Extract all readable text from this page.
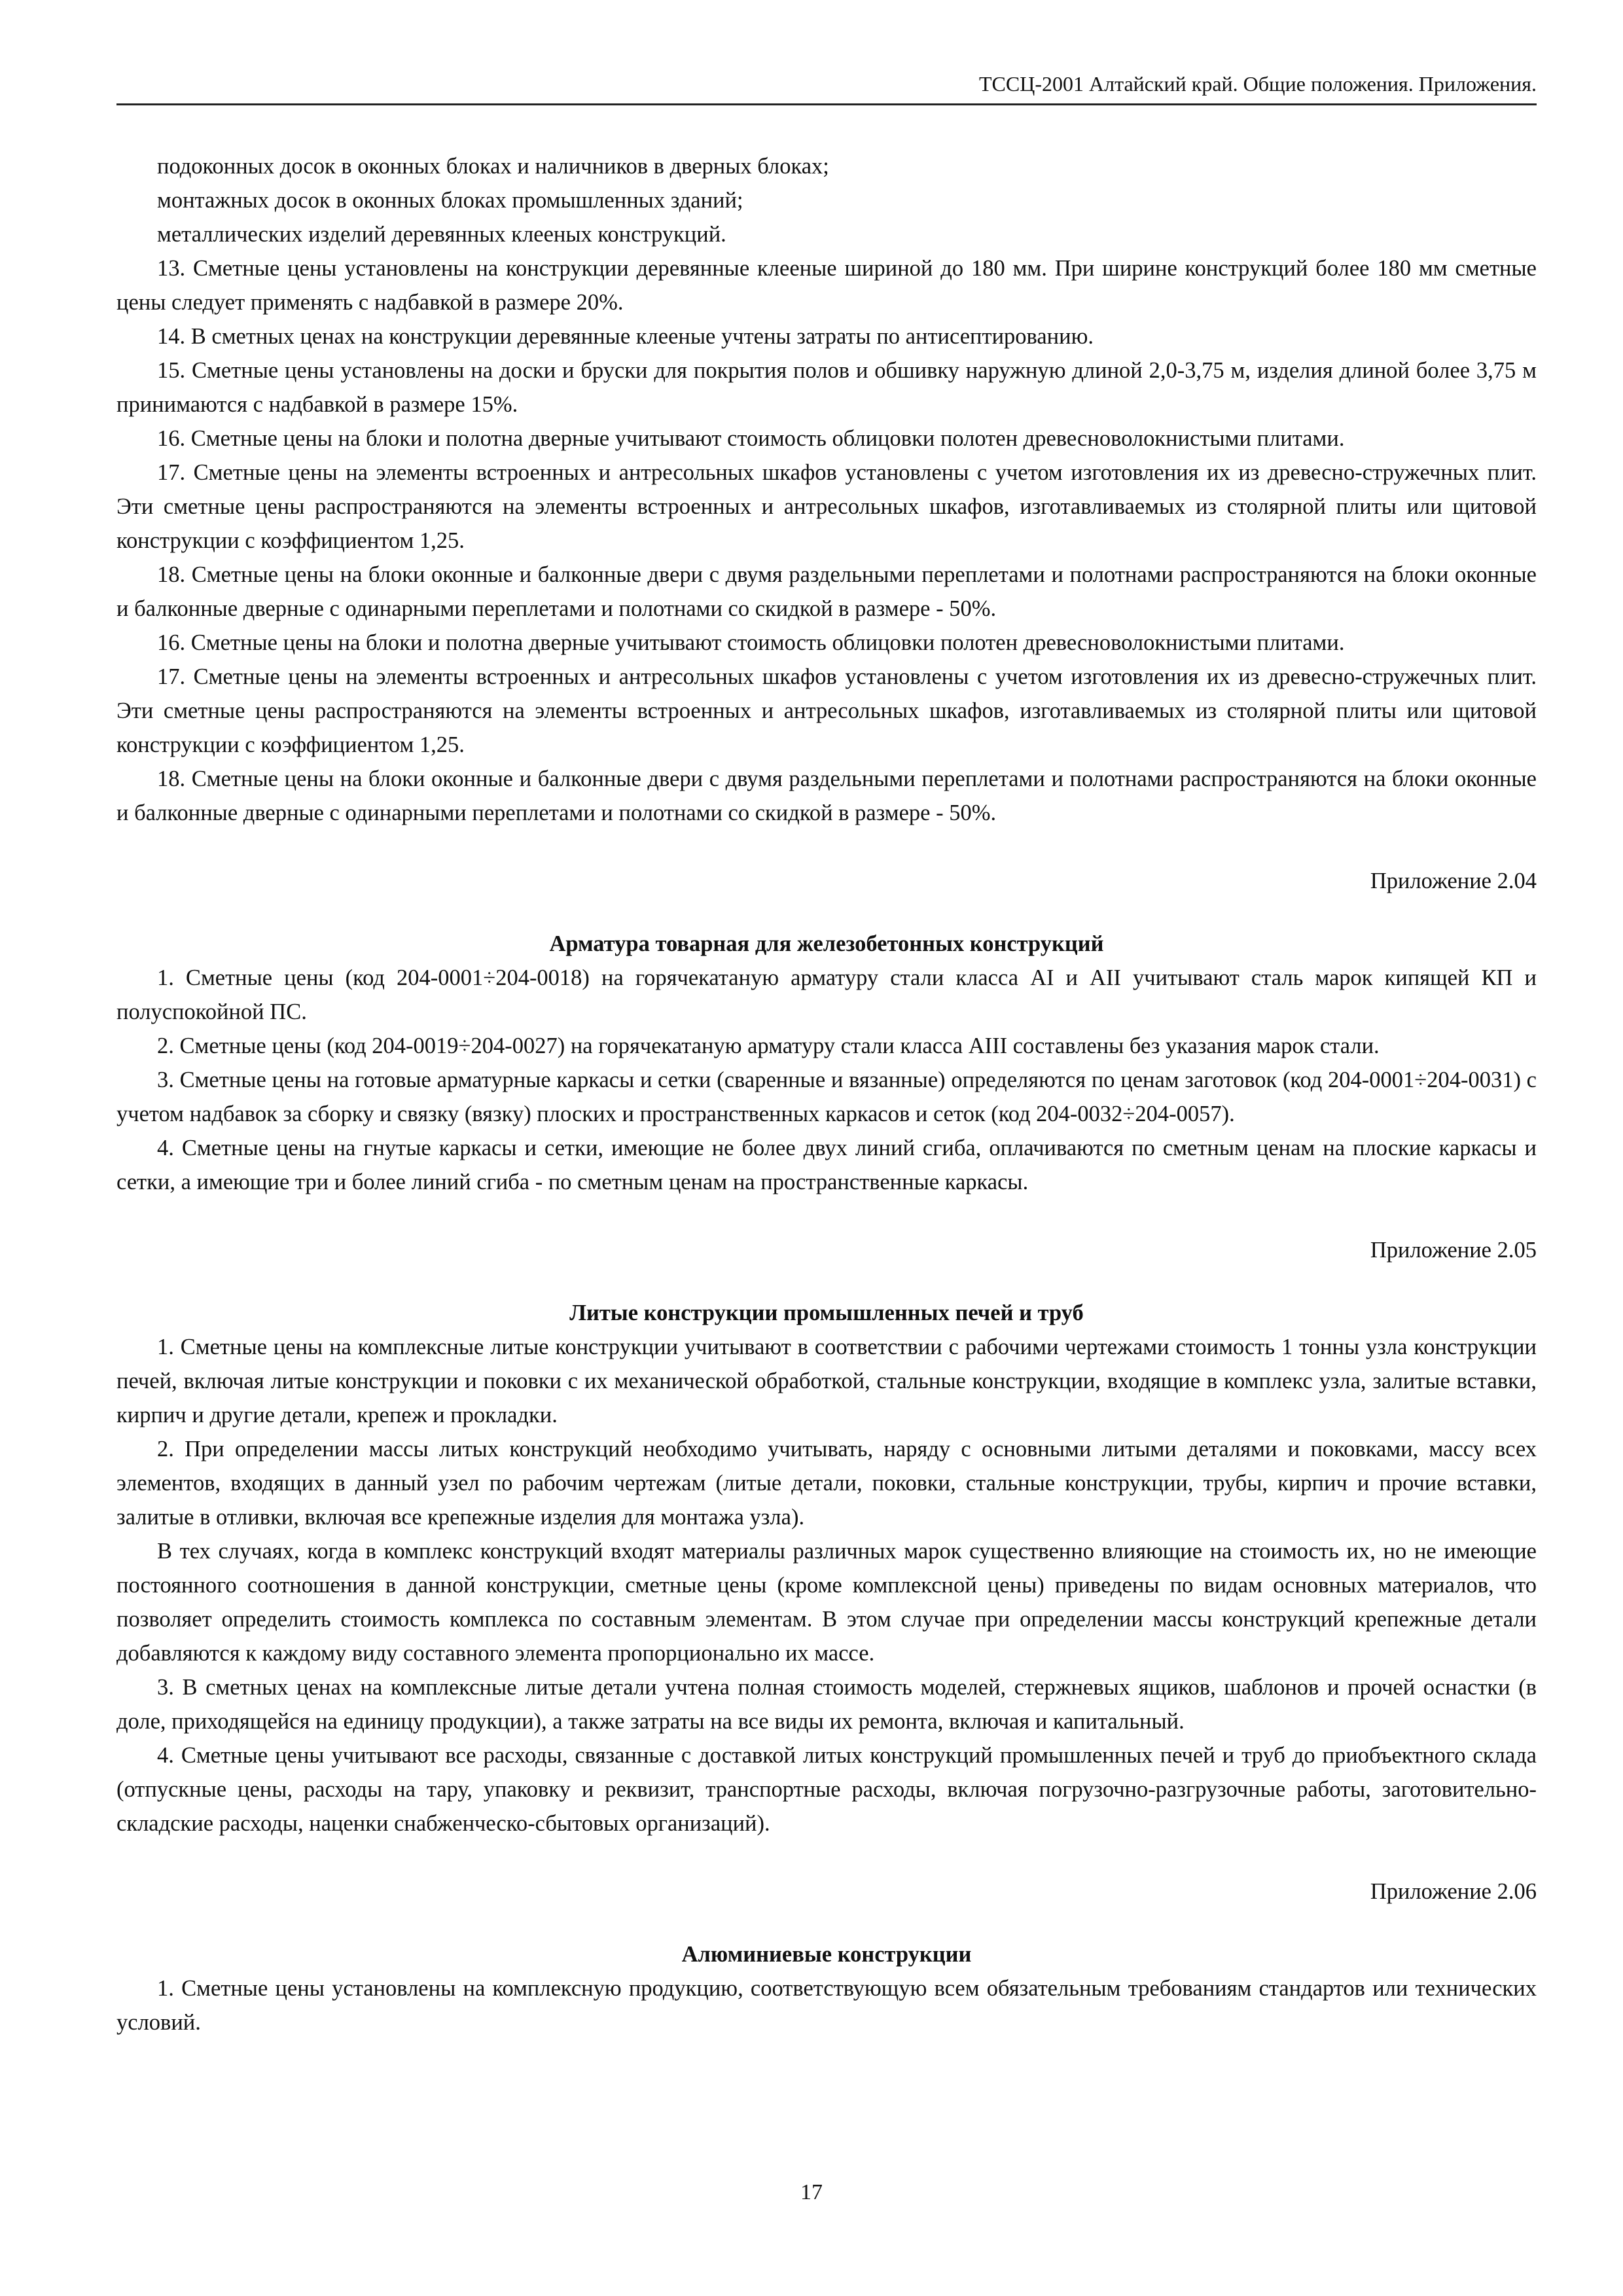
ТССЦ-2001 Алтайский край. Общие положения. Приложения.

подоконных досок в оконных блоках и наличников в дверных блоках;

монтажных досок в оконных блоках промышленных зданий;

металлических изделий деревянных клееных конструкций.

13. Сметные цены установлены на конструкции деревянные клееные шириной до 180 мм. При ширине конструкций более 180 мм сметные цены следует применять с надбавкой в размере 20%.

14. В сметных ценах на конструкции деревянные клееные учтены затраты по антисептированию.

15. Сметные цены установлены на доски и бруски для покрытия полов и обшивку наружную длиной 2,0-3,75 м, изделия длиной более 3,75 м принимаются с надбавкой в размере 15%.

16. Сметные цены на блоки и полотна дверные учитывают стоимость облицовки полотен древесноволокнистыми плитами.

17. Сметные цены на элементы встроенных и антресольных шкафов установлены с учетом изготовления их из древесно-стружечных плит. Эти сметные цены распространяются на элементы встроенных и антресольных шкафов, изготавливаемых из столярной плиты или щитовой конструкции с коэффициентом 1,25.

18. Сметные цены на блоки оконные и балконные двери с двумя раздельными переплетами и полотнами распространяются на блоки оконные и балконные дверные с одинарными переплетами и полотнами со скидкой в размере - 50%.

16. Сметные цены на блоки и полотна дверные учитывают стоимость облицовки полотен древесноволокнистыми плитами.

17. Сметные цены на элементы встроенных и антресольных шкафов установлены с учетом изготовления их из древесно-стружечных плит. Эти сметные цены распространяются на элементы встроенных и антресольных шкафов, изготавливаемых из столярной плиты или щитовой конструкции с коэффициентом 1,25.

18. Сметные цены на блоки оконные и балконные двери с двумя раздельными переплетами и полотнами распространяются на блоки оконные и балконные дверные с одинарными переплетами и полотнами со скидкой в размере - 50%.

Приложение 2.04

Арматура товарная для железобетонных конструкций

1. Сметные цены (код 204-0001÷204-0018) на горячекатаную арматуру стали класса AI и AII учитывают сталь марок кипящей КП и полуспокойной ПС.

2. Сметные цены (код 204-0019÷204-0027) на горячекатаную арматуру стали класса AIII составлены без указания марок стали.

3. Сметные цены на готовые арматурные каркасы и сетки (сваренные и вязанные) определяются по ценам заготовок (код 204-0001÷204-0031) с учетом надбавок за сборку и связку (вязку) плоских и пространственных каркасов и сеток (код 204-0032÷204-0057).

4. Сметные цены на гнутые каркасы и сетки, имеющие не более двух линий сгиба, оплачиваются по сметным ценам на плоские каркасы и сетки, а имеющие три и более линий сгиба - по сметным ценам на пространственные каркасы.

Приложение 2.05

Литые конструкции промышленных печей и труб

1. Сметные цены на комплексные литые конструкции учитывают в соответствии с рабочими чертежами стоимость 1 тонны узла конструкции печей, включая литые конструкции и поковки с их механической обработкой, стальные конструкции, входящие в комплекс узла, залитые вставки, кирпич и другие детали, крепеж и прокладки.

2. При определении массы литых конструкций необходимо учитывать, наряду с основными литыми деталями и поковками, массу всех элементов, входящих в данный узел по рабочим чертежам (литые детали, поковки, стальные конструкции, трубы, кирпич и прочие вставки, залитые в отливки, включая все крепежные изделия для монтажа узла).

В тех случаях, когда в комплекс конструкций входят материалы различных марок существенно влияющие на стоимость их, но не имеющие постоянного соотношения в данной конструкции, сметные цены (кроме комплексной цены) приведены по видам основных материалов, что позволяет определить стоимость комплекса по составным элементам. В этом случае при определении массы конструкций крепежные детали добавляются к каждому виду составного элемента пропорционально их массе.

3. В сметных ценах на комплексные литые детали учтена полная стоимость моделей, стержневых ящиков, шаблонов и прочей оснастки (в доле, приходящейся на единицу продукции), а также затраты на все виды их ремонта, включая и капитальный.

4. Сметные цены учитывают все расходы, связанные с доставкой литых конструкций промышленных печей и труб до приобъектного склада (отпускные цены, расходы на тару, упаковку и реквизит, транспортные расходы, включая погрузочно-разгрузочные работы, заготовительно-складские расходы, наценки снабженческо-сбытовых организаций).

Приложение 2.06

Алюминиевые конструкции

1. Сметные цены установлены на комплексную продукцию, соответствующую всем обязательным требованиям стандартов или технических условий.

17
